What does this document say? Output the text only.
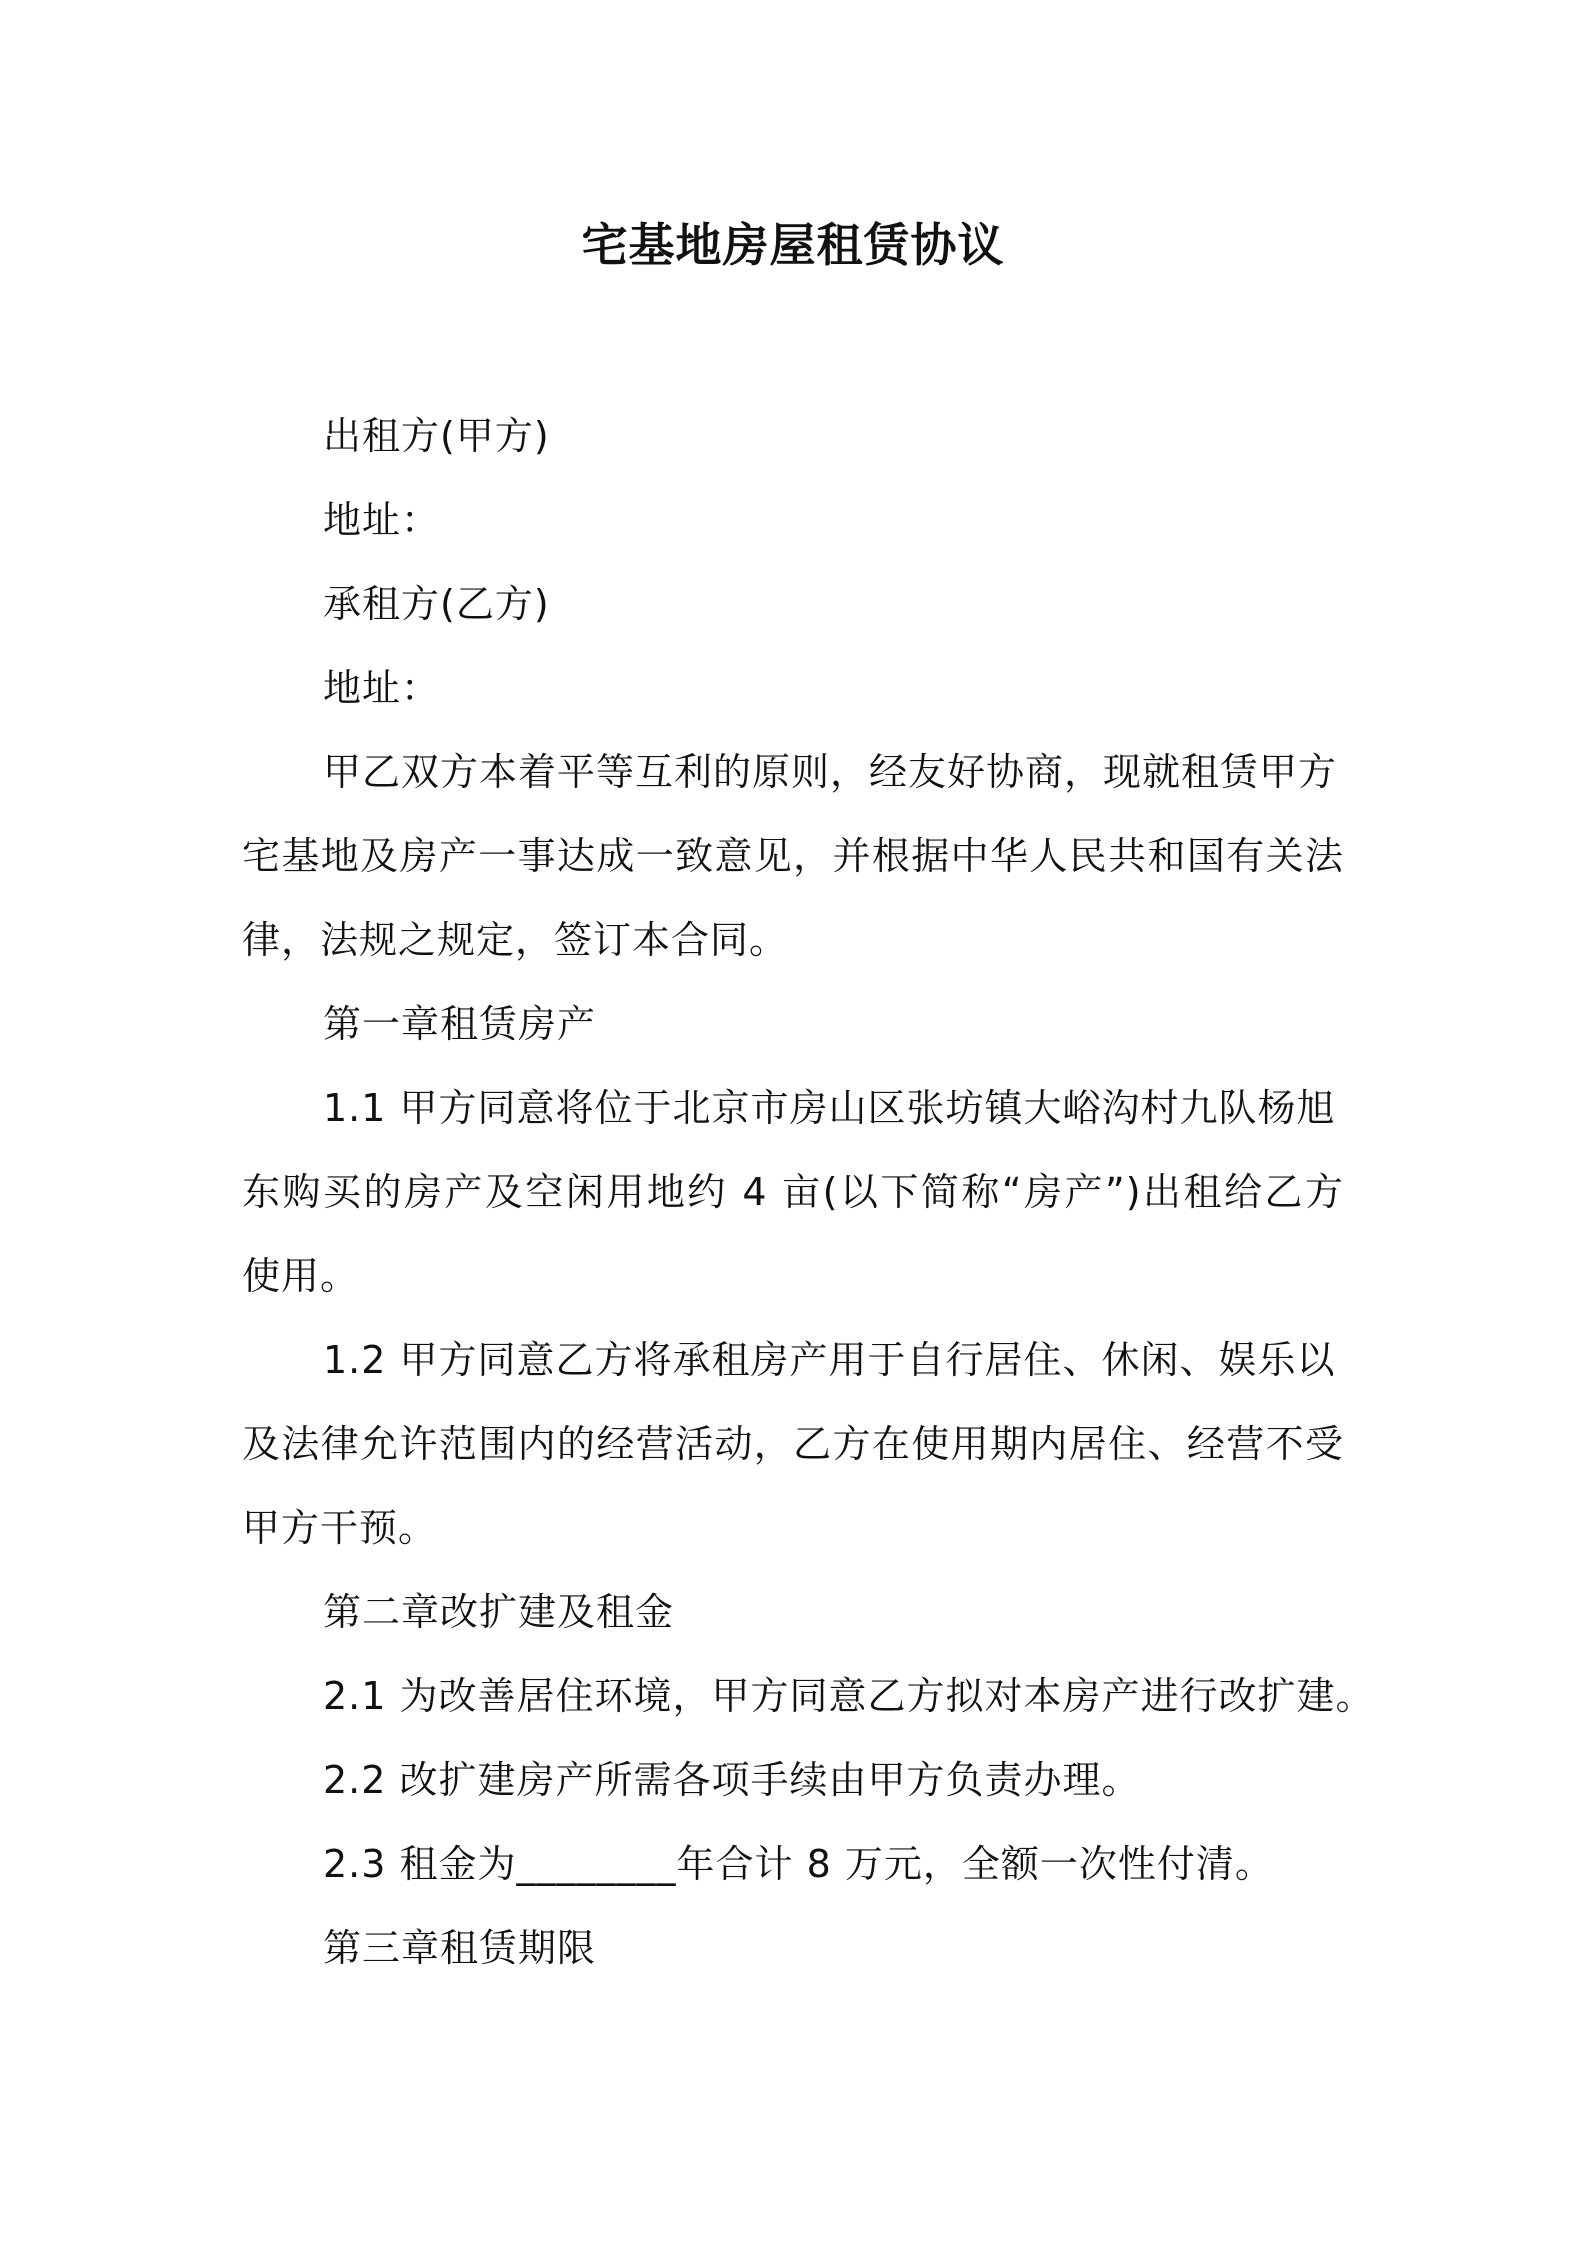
宅基地房屋租赁协议
出租方(甲方)
地址：
承租方(乙方)
地址：
甲乙双方本着平等互利的原则，经友好协商，现就租赁甲方
宅基地及房产一事达成一致意见，并根据中华人民共和国有关法
律，法规之规定，签订本合同。
第一章租赁房产
1.1 甲方同意将位于北京市房山区张坊镇大峪沟村九队杨旭
东购买的房产及空闲用地约 4 亩(以下简称“房产”)出租给乙方
使用。
1.2 甲方同意乙方将承租房产用于自行居住、休闲、娱乐以
及法律允许范围内的经营活动，乙方在使用期内居住、经营不受
甲方干预。
第二章改扩建及租金
2.1 为改善居住环境，甲方同意乙方拟对本房产进行改扩建。
2.2 改扩建房产所需各项手续由甲方负责办理。
2.3 租金为________年合计 8 万元，全额一次性付清。
第三章租赁期限
